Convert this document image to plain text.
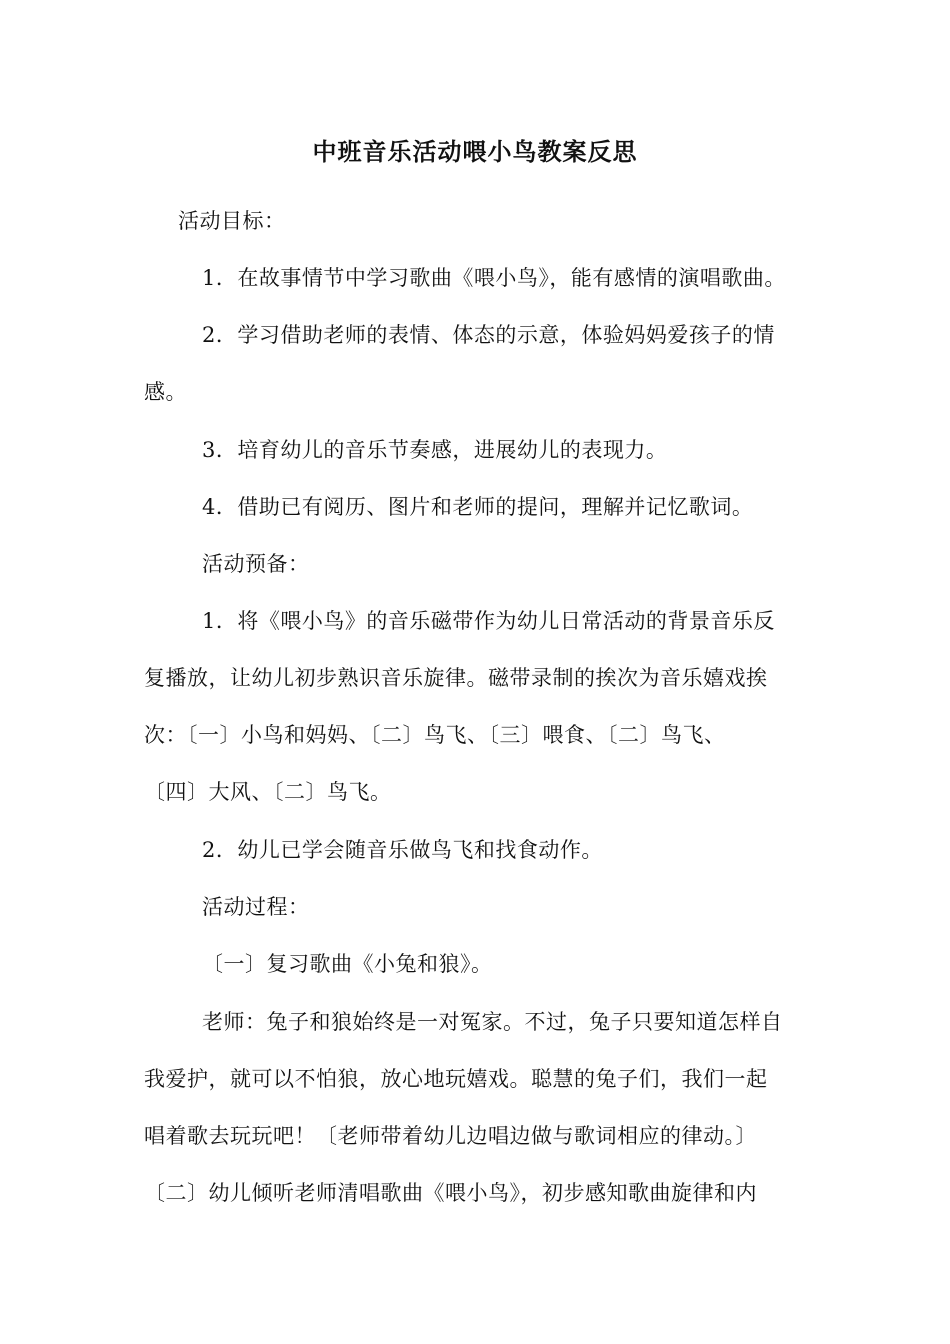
中班音乐活动喂小鸟教案反思
活动目标：
1．在故事情节中学习歌曲《喂小鸟》，能有感情的演唱歌曲。
2．学习借助老师的表情、体态的示意，体验妈妈爱孩子的情
感。
3．培育幼儿的音乐节奏感，进展幼儿的表现力。
4．借助已有阅历、图片和老师的提问，理解并记忆歌词。
活动预备：
1．将《喂小鸟》的音乐磁带作为幼儿日常活动的背景音乐反
复播放，让幼儿初步熟识音乐旋律。磁带录制的挨次为音乐嬉戏挨
次：〔一〕小鸟和妈妈、〔二〕鸟飞、〔三〕喂食、〔二〕鸟飞、
〔四〕大风、〔二〕鸟飞。
2．幼儿已学会随音乐做鸟飞和找食动作。
活动过程：
〔一〕复习歌曲《小兔和狼》。
老师：兔子和狼始终是一对冤家。不过，兔子只要知道怎样自
我爱护，就可以不怕狼，放心地玩嬉戏。聪慧的兔子们，我们一起
唱着歌去玩玩吧！〔老师带着幼儿边唱边做与歌词相应的律动。〕
〔二〕幼儿倾听老师清唱歌曲《喂小鸟》，初步感知歌曲旋律和内
